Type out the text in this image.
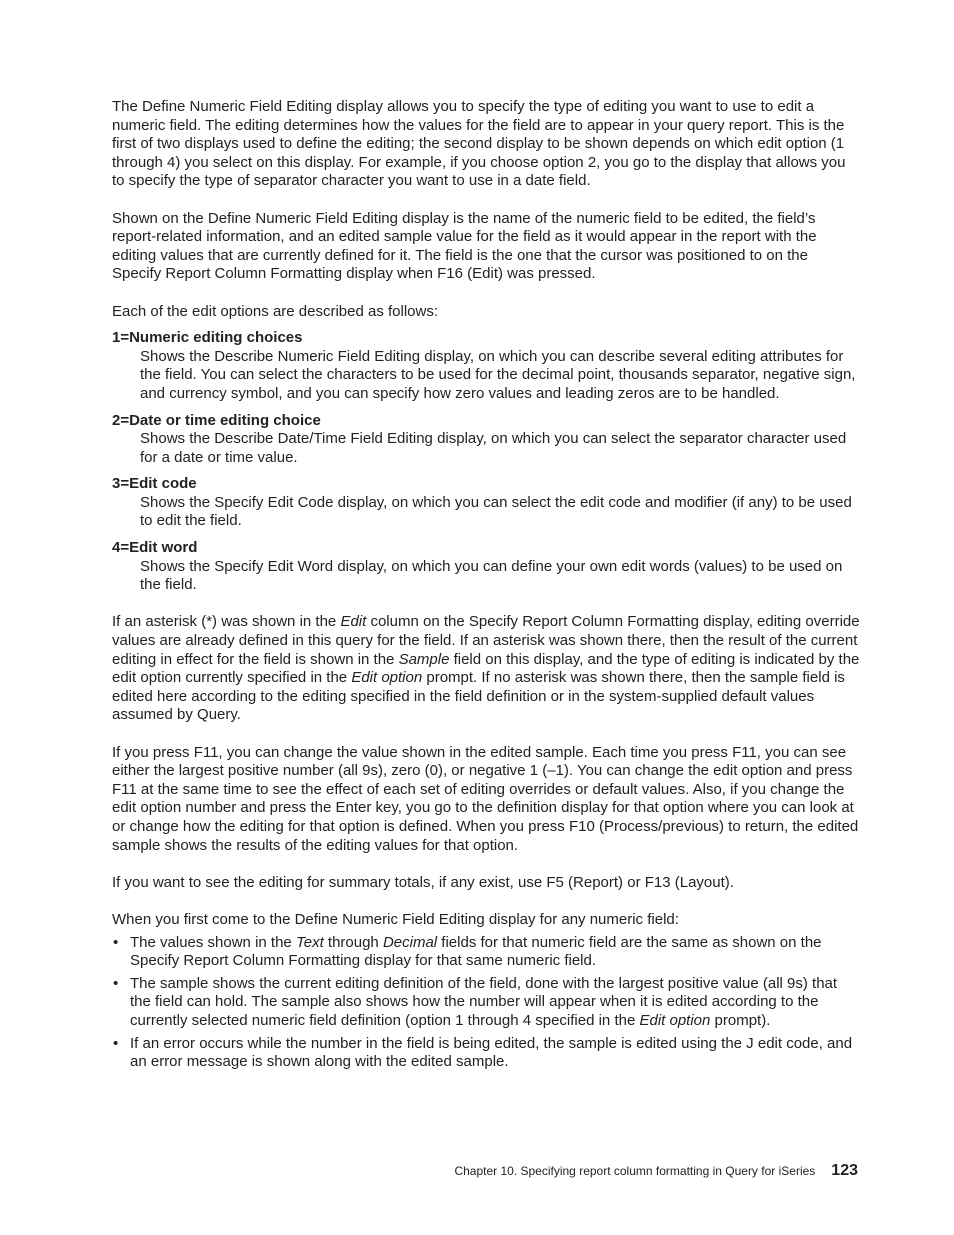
The Define Numeric Field Editing display allows you to specify the type of editing you want to use to edit a numeric field. The editing determines how the values for the field are to appear in your query report. This is the first of two displays used to define the editing; the second display to be shown depends on which edit option (1 through 4) you select on this display. For example, if you choose option 2, you go to the display that allows you to specify the type of separator character you want to use in a date field.

Shown on the Define Numeric Field Editing display is the name of the numeric field to be edited, the field’s report-related information, and an edited sample value for the field as it would appear in the report with the editing values that are currently defined for it. The field is the one that the cursor was positioned to on the Specify Report Column Formatting display when F16 (Edit) was pressed.

Each of the edit options are described as follows:

1=Numeric editing choices

Shows the Describe Numeric Field Editing display, on which you can describe several editing attributes for the field. You can select the characters to be used for the decimal point, thousands separator, negative sign, and currency symbol, and you can specify how zero values and leading zeros are to be handled.

2=Date or time editing choice

Shows the Describe Date/Time Field Editing display, on which you can select the separator character used for a date or time value.

3=Edit code

Shows the Specify Edit Code display, on which you can select the edit code and modifier (if any) to be used to edit the field.

4=Edit word

Shows the Specify Edit Word display, on which you can define your own edit words (values) to be used on the field.

If an asterisk (*) was shown in the Edit column on the Specify Report Column Formatting display, editing override values are already defined in this query for the field. If an asterisk was shown there, then the result of the current editing in effect for the field is shown in the Sample field on this display, and the type of editing is indicated by the edit option currently specified in the Edit option prompt. If no asterisk was shown there, then the sample field is edited here according to the editing specified in the field definition or in the system-supplied default values assumed by Query.

If you press F11, you can change the value shown in the edited sample. Each time you press F11, you can see either the largest positive number (all 9s), zero (0), or negative 1 (–1). You can change the edit option and press F11 at the same time to see the effect of each set of editing overrides or default values. Also, if you change the edit option number and press the Enter key, you go to the definition display for that option where you can look at or change how the editing for that option is defined. When you press F10 (Process/previous) to return, the edited sample shows the results of the editing values for that option.

If you want to see the editing for summary totals, if any exist, use F5 (Report) or F13 (Layout).

When you first come to the Define Numeric Field Editing display for any numeric field:

• The values shown in the Text through Decimal fields for that numeric field are the same as shown on the Specify Report Column Formatting display for that same numeric field.
• The sample shows the current editing definition of the field, done with the largest positive value (all 9s) that the field can hold. The sample also shows how the number will appear when it is edited according to the currently selected numeric field definition (option 1 through 4 specified in the Edit option prompt).
• If an error occurs while the number in the field is being edited, the sample is edited using the J edit code, and an error message is shown along with the edited sample.
Chapter 10. Specifying report column formatting in Query for iSeries 123
